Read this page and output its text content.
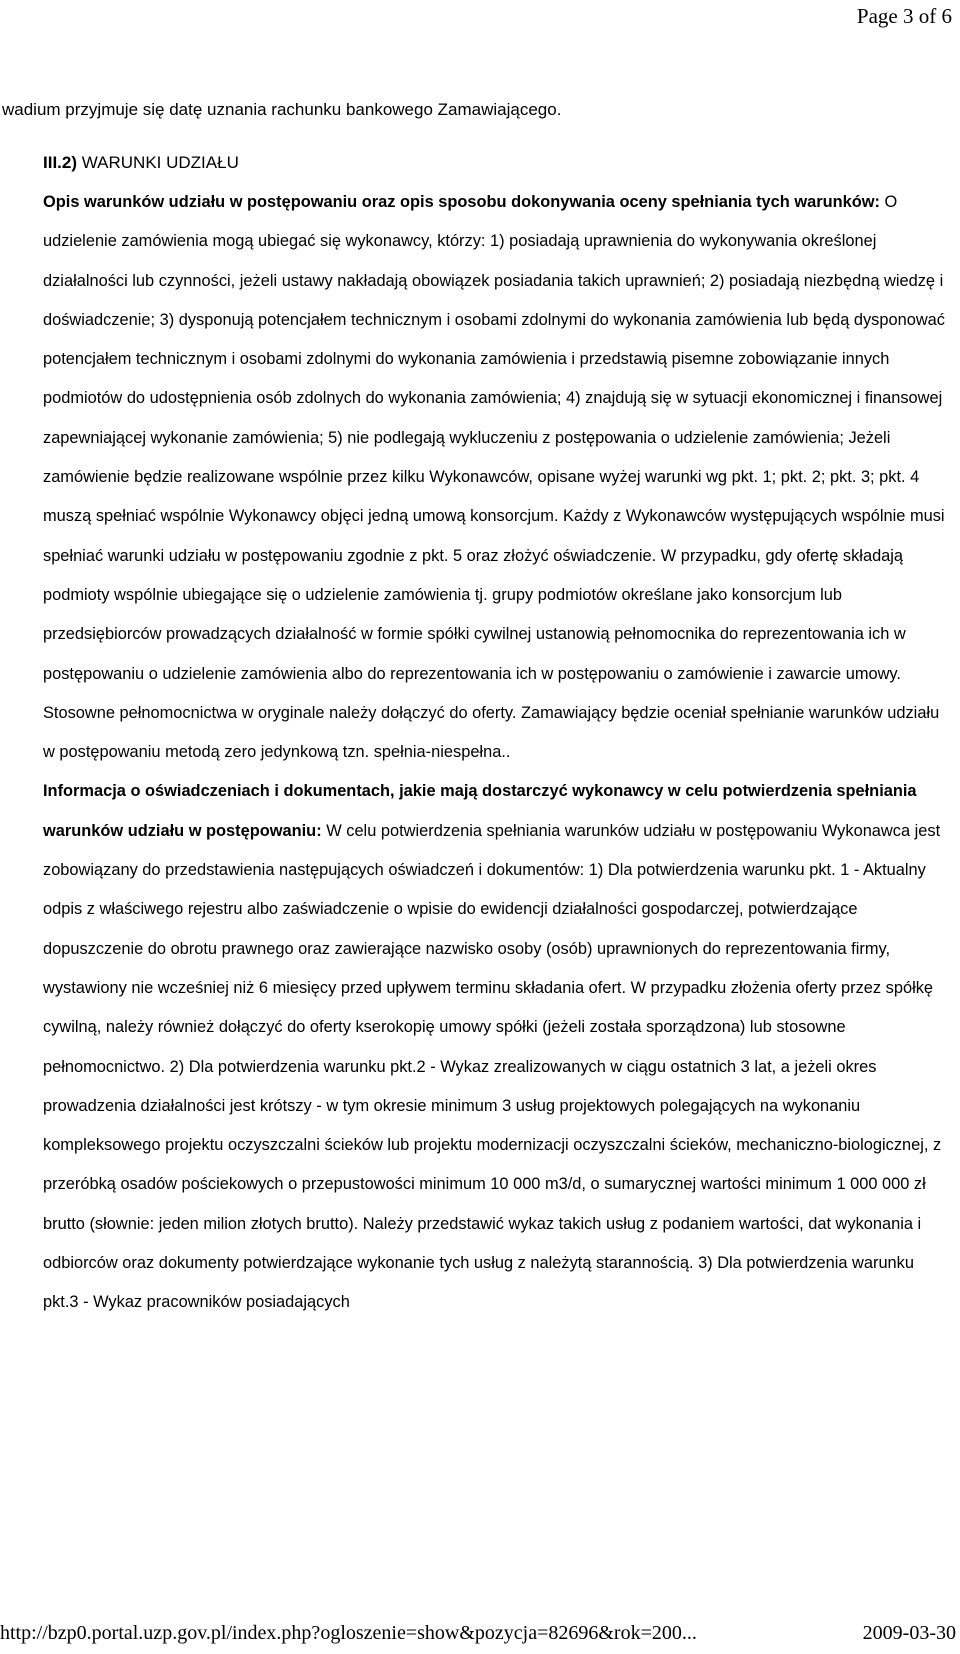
Page 3 of 6
wadium przyjmuje się datę uznania rachunku bankowego Zamawiającego.
III.2) WARUNKI UDZIAŁU

Opis warunków udziału w postępowaniu oraz opis sposobu dokonywania oceny spełniania tych warunków: O udzielenie zamówienia mogą ubiegać się wykonawcy, którzy: 1) posiadają uprawnienia do wykonywania określonej działalności lub czynności, jeżeli ustawy nakładają obowiązek posiadania takich uprawnień; 2) posiadają niezbędną wiedzę i doświadczenie; 3) dysponują potencjałem technicznym i osobami zdolnymi do wykonania zamówienia lub będą dysponować potencjałem technicznym i osobami zdolnymi do wykonania zamówienia i przedstawią pisemne zobowiązanie innych podmiotów do udostępnienia osób zdolnych do wykonania zamówienia; 4) znajdują się w sytuacji ekonomicznej i finansowej zapewniającej wykonanie zamówienia; 5) nie podlegają wykluczeniu z postępowania o udzielenie zamówienia; Jeżeli zamówienie będzie realizowane wspólnie przez kilku Wykonawców, opisane wyżej warunki wg pkt. 1; pkt. 2; pkt. 3; pkt. 4 muszą spełniać wspólnie Wykonawcy objęci jedną umową konsorcjum. Każdy z Wykonawców występujących wspólnie musi spełniać warunki udziału w postępowaniu zgodnie z pkt. 5 oraz złożyć oświadczenie. W przypadku, gdy ofertę składają podmioty wspólnie ubiegające się o udzielenie zamówienia tj. grupy podmiotów określane jako konsorcjum lub przedsiębiorców prowadzących działalność w formie spółki cywilnej ustanowią pełnomocnika do reprezentowania ich w postępowaniu o udzielenie zamówienia albo do reprezentowania ich w postępowaniu o zamówienie i zawarcie umowy. Stosowne pełnomocnictwa w oryginale należy dołączyć do oferty. Zamawiający będzie oceniał spełnianie warunków udziału w postępowaniu metodą zero jedynkową tzn. spełnia-niespełna..

Informacja o oświadczeniach i dokumentach, jakie mają dostarczyć wykonawcy w celu potwierdzenia spełniania warunków udziału w postępowaniu: W celu potwierdzenia spełniania warunków udziału w postępowaniu Wykonawca jest zobowiązany do przedstawienia następujących oświadczeń i dokumentów: 1) Dla potwierdzenia warunku pkt. 1 - Aktualny odpis z właściwego rejestru albo zaświadczenie o wpisie do ewidencji działalności gospodarczej, potwierdzające dopuszczenie do obrotu prawnego oraz zawierające nazwisko osoby (osób) uprawnionych do reprezentowania firmy, wystawiony nie wcześniej niż 6 miesięcy przed upływem terminu składania ofert. W przypadku złożenia oferty przez spółkę cywilną, należy również dołączyć do oferty kserokopię umowy spółki (jeżeli została sporządzona) lub stosowne pełnomocnictwo. 2) Dla potwierdzenia warunku pkt.2 - Wykaz zrealizowanych w ciągu ostatnich 3 lat, a jeżeli okres prowadzenia działalności jest krótszy - w tym okresie minimum 3 usług projektowych polegających na wykonaniu kompleksowego projektu oczyszczalni ścieków lub projektu modernizacji oczyszczalni ścieków, mechaniczno-biologicznej, z przeróbką osadów pościekowych o przepustowości minimum 10 000 m3/d, o sumarycznej wartości minimum 1 000 000 zł brutto (słownie: jeden milion złotych brutto). Należy przedstawić wykaz takich usług z podaniem wartości, dat wykonania i odbiorców oraz dokumenty potwierdzające wykonanie tych usług z należytą starannością. 3) Dla potwierdzenia warunku pkt.3 - Wykaz pracowników posiadających

http://bzp0.portal.uzp.gov.pl/index.php?ogloszenie=show&pozycja=82696&rok=200...	2009-03-30
